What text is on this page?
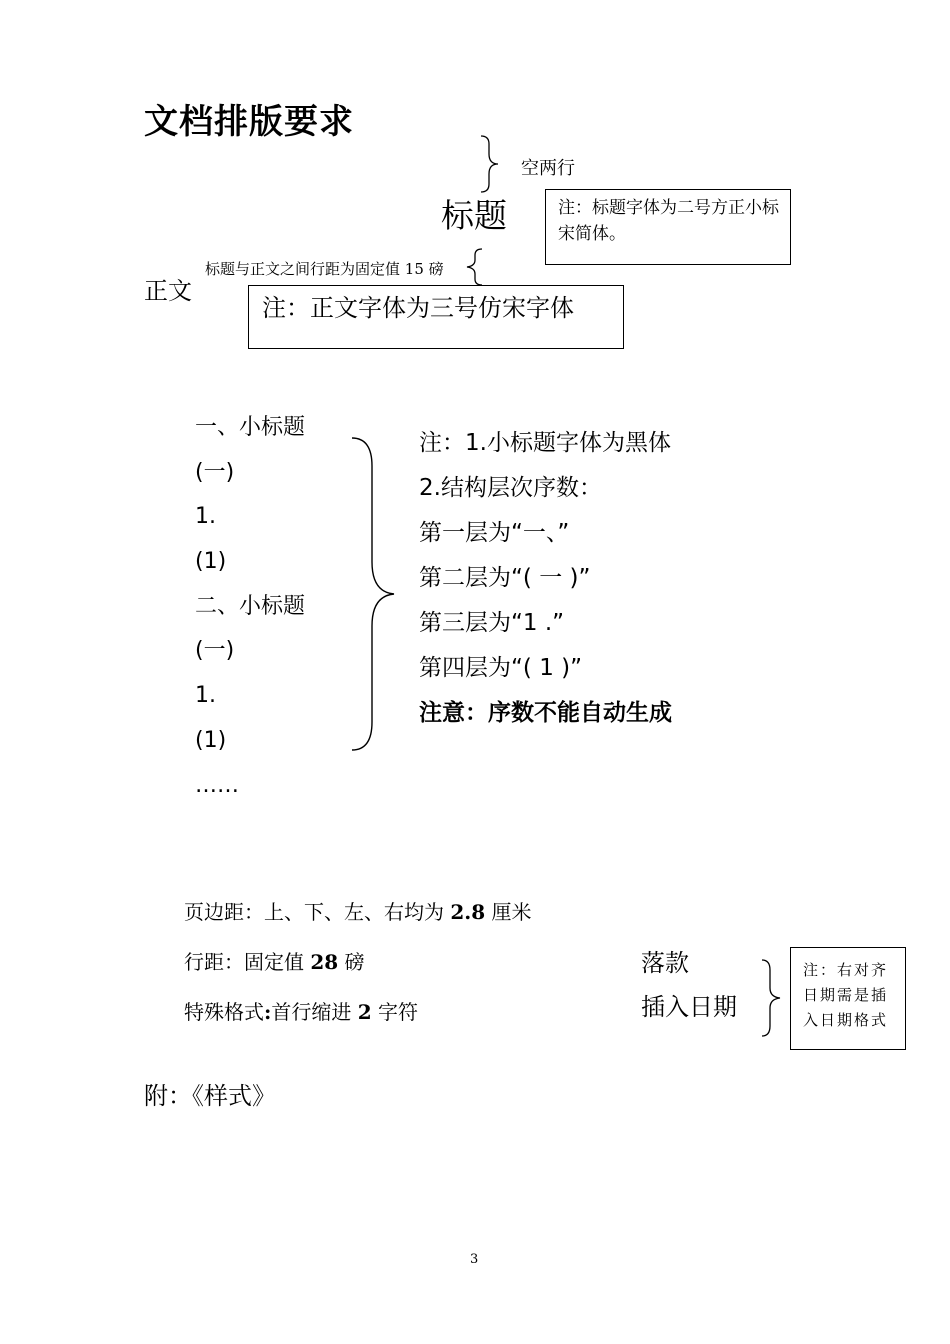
文档排版要求
空两行
标题	注：标题字体为二号方正小标宋简体。
标题与正文之间行距为固定值 15 磅
正文
注：正文字体为三号仿宋字体
一、小标题
(一)
1.
(1)
二、小标题
(一)
1.
(1)
……
注：1.小标题字体为黑体
2.结构层次序数：
第一层为“一、”
第二层为“( 一 )”
第三层为“1 .”
第四层为“( 1 )”
注意：序数不能自动生成
页边距：上、下、左、右均为 2.8 厘米
行距：固定值 28 磅
特殊格式:首行缩进 2 字符
落款
插入日期
注：右对齐日期需是插入日期格式
附：《样式》
3
